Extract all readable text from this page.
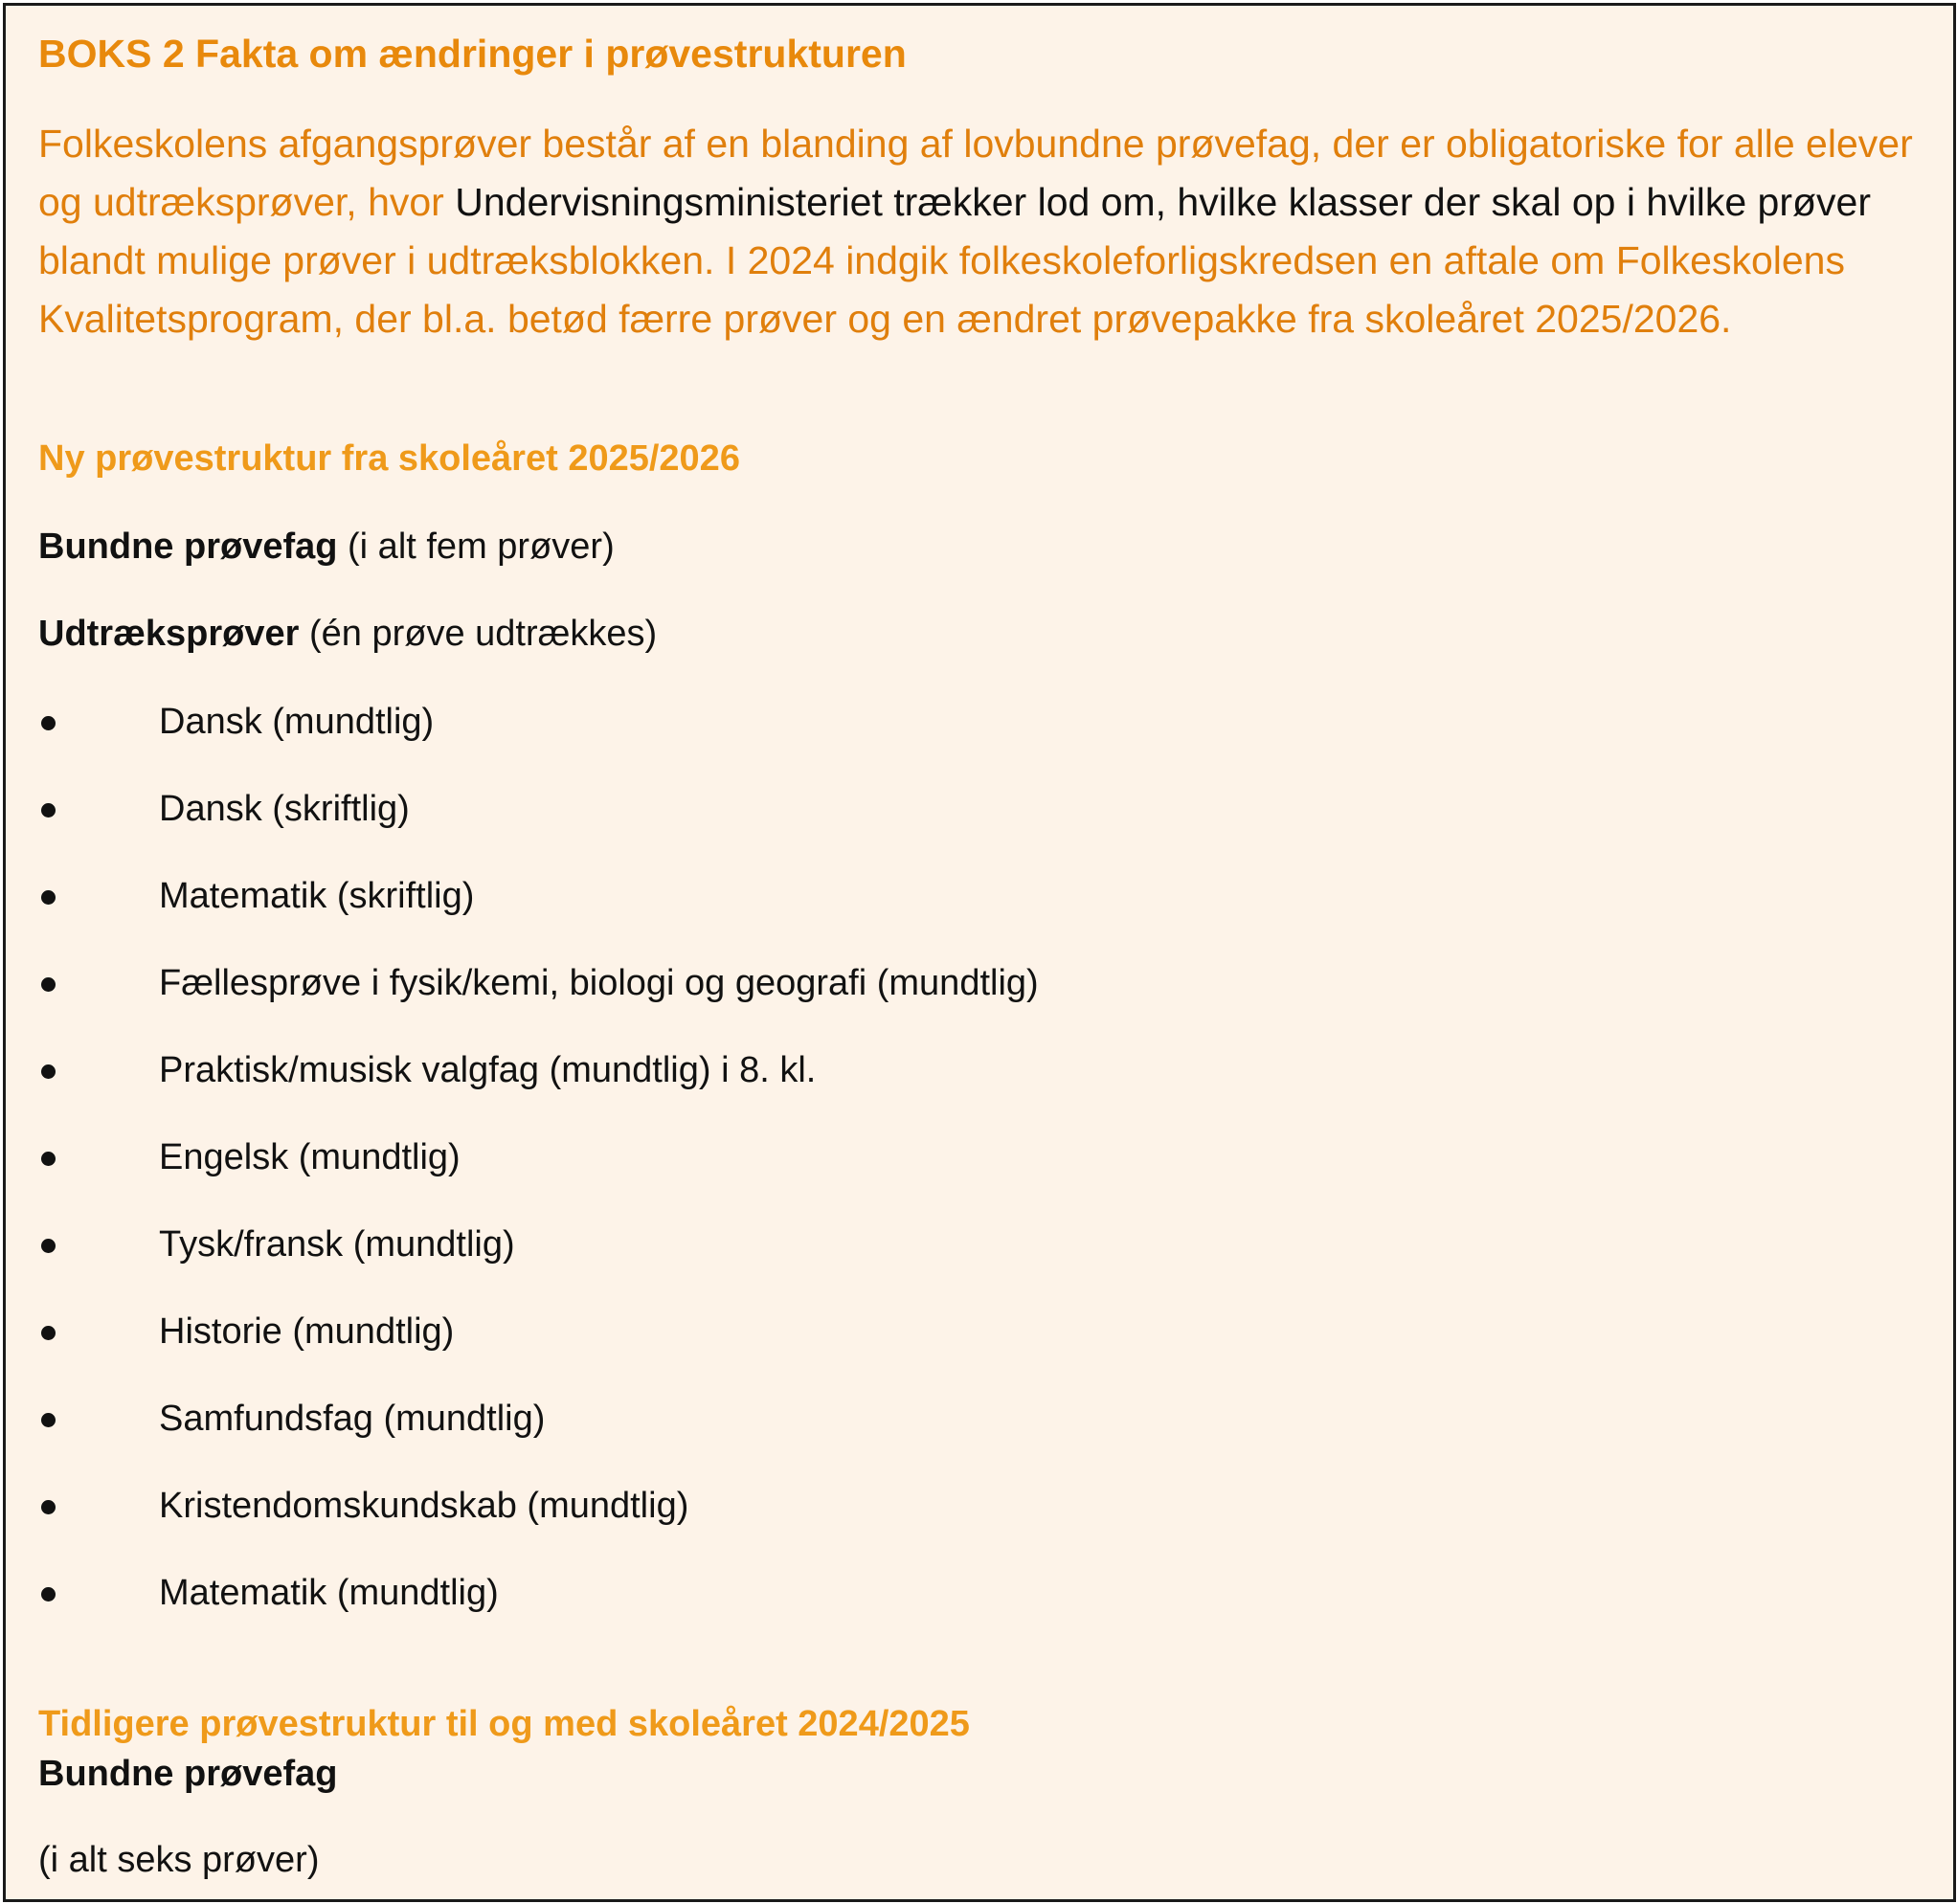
BOKS 2 Fakta om ændringer i prøvestrukturen
Folkeskolens afgangsprøver består af en blanding af lovbundne prøvefag, der er obligatoriske for alle elever og udtræksprøver, hvor Undervisningsministeriet trækker lod om, hvilke klasser der skal op i hvilke prøver blandt mulige prøver i udtræksblokken. I 2024 indgik folkeskoleforligskredsen en aftale om Folkeskolens Kvalitetsprogram, der bl.a. betød færre prøver og en ændret prøvepakke fra skoleåret 2025/2026.
Ny prøvestruktur fra skoleåret 2025/2026
Bundne prøvefag (i alt fem prøver)
Udtræksprøver (én prøve udtrækkes)
Dansk (mundtlig)
Dansk (skriftlig)
Matematik (skriftlig)
Fællesprøve i fysik/kemi, biologi og geografi (mundtlig)
Praktisk/musisk valgfag (mundtlig) i 8. kl.
Engelsk (mundtlig)
Tysk/fransk (mundtlig)
Historie (mundtlig)
Samfundsfag (mundtlig)
Kristendomskundskab (mundtlig)
Matematik (mundtlig)
Tidligere prøvestruktur til og med skoleåret 2024/2025
Bundne prøvefag
(i alt seks prøver)
